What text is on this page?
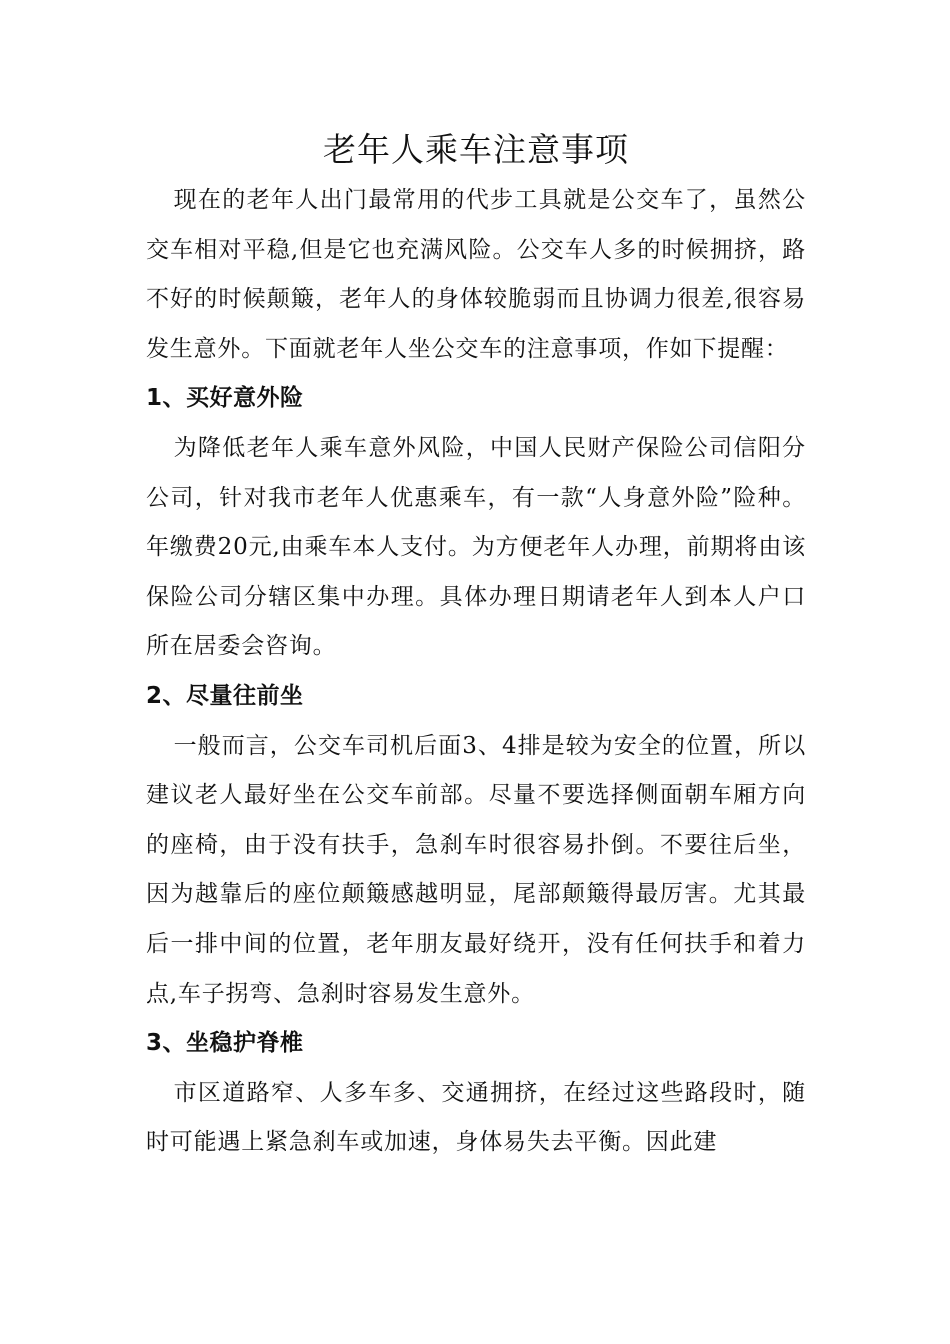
老年人乘车注意事项

现在的老年人出门最常用的代步工具就是公交车了，虽然公交车相对平稳,但是它也充满风险。公交车人多的时候拥挤，路不好的时候颠簸，老年人的身体较脆弱而且协调力很差,很容易发生意外。下面就老年人坐公交车的注意事项，作如下提醒：

1、买好意外险

为降低老年人乘车意外风险，中国人民财产保险公司信阳分公司，针对我市老年人优惠乘车，有一款“人身意外险”险种。年缴费20元,由乘车本人支付。为方便老年人办理，前期将由该保险公司分辖区集中办理。具体办理日期请老年人到本人户口所在居委会咨询。

2、尽量往前坐

一般而言，公交车司机后面3、4排是较为安全的位置，所以建议老人最好坐在公交车前部。尽量不要选择侧面朝车厢方向的座椅，由于没有扶手，急刹车时很容易扑倒。不要往后坐，因为越靠后的座位颠簸感越明显，尾部颠簸得最厉害。尤其最后一排中间的位置，老年朋友最好绕开，没有任何扶手和着力点,车子拐弯、急刹时容易发生意外。

3、坐稳护脊椎

市区道路窄、人多车多、交通拥挤，在经过这些路段时，随时可能遇上紧急刹车或加速，身体易失去平衡。因此建
